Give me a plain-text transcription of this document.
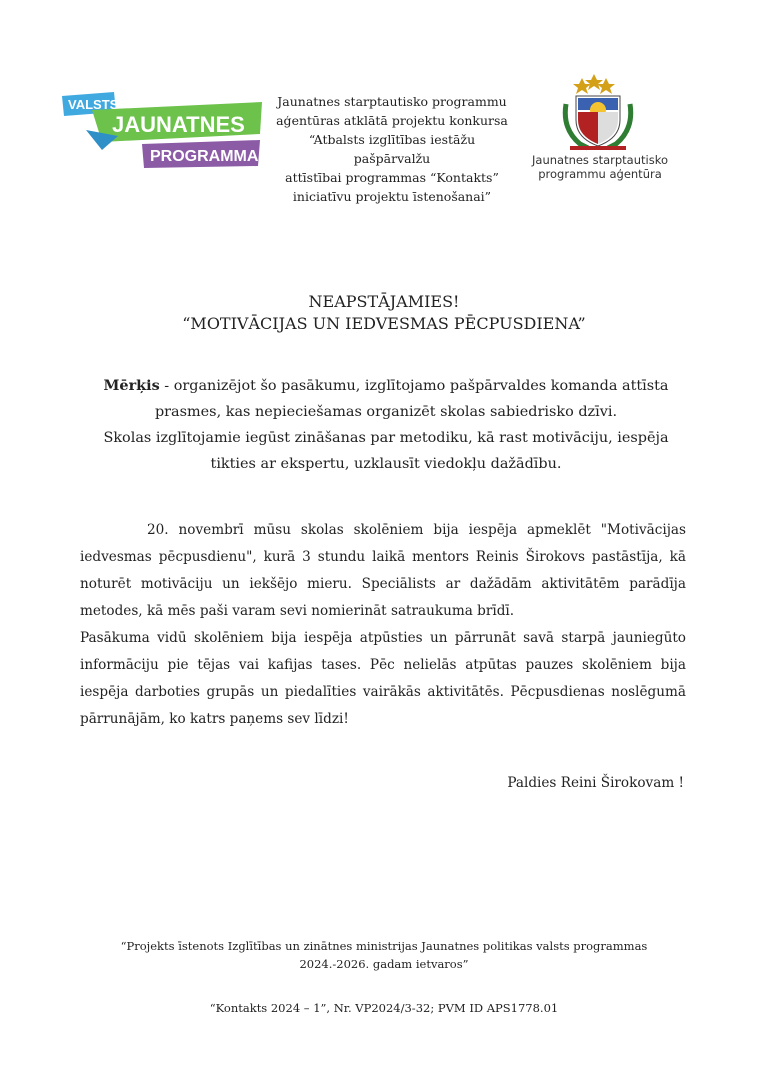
VALSTS
JAUNATNES
PROGRAMMA
Jaunatnes starptautisko programmu
aģentūras atklātā projektu konkursa
“Atbalsts izglītības iestāžu pašpārvalžu
attīstībai programmas “Kontakts”
iniciatīvu projektu īstenošanai”
Jaunatnes starptautisko
programmu aģentūra
NEAPSTĀJAMIES!
“MOTIVĀCIJAS UN IEDVESMAS PĒCPUSDIENA”
Mērķis - organizējot šo pasākumu, izglītojamo pašpārvaldes komanda attīsta prasmes, kas nepieciešamas organizēt skolas sabiedrisko dzīvi.
Skolas izglītojamie iegūst zināšanas par metodiku, kā rast motivāciju, iespēja tikties ar ekspertu, uzklausīt viedokļu dažādību.

20. novembrī mūsu skolas skolēniem bija iespēja apmeklēt "Motivācijas iedvesmas pēcpusdienu", kurā 3 stundu laikā mentors Reinis Širokovs pastāstīja, kā noturēt motivāciju un iekšējo mieru. Speciālists ar dažādām aktivitātēm parādīja metodes, kā mēs paši varam sevi nomierināt satraukuma brīdī.

Pasākuma vidū skolēniem bija iespēja atpūsties un pārrunāt savā starpā jauniegūto informāciju pie tējas vai kafijas tases. Pēc nelielās atpūtas pauzes skolēniem bija iespēja darboties grupās un piedalīties vairākās aktivitātēs. Pēcpusdienas noslēgumā pārrunājām, ko katrs paņems sev līdzi!

Paldies Reini Širokovam !
“Projekts īstenots Izglītības un zinātnes ministrijas Jaunatnes politikas valsts programmas
2024.-2026. gadam ietvaros”
“Kontakts 2024 – 1”, Nr. VP2024/3-32; PVM ID APS1778.01
